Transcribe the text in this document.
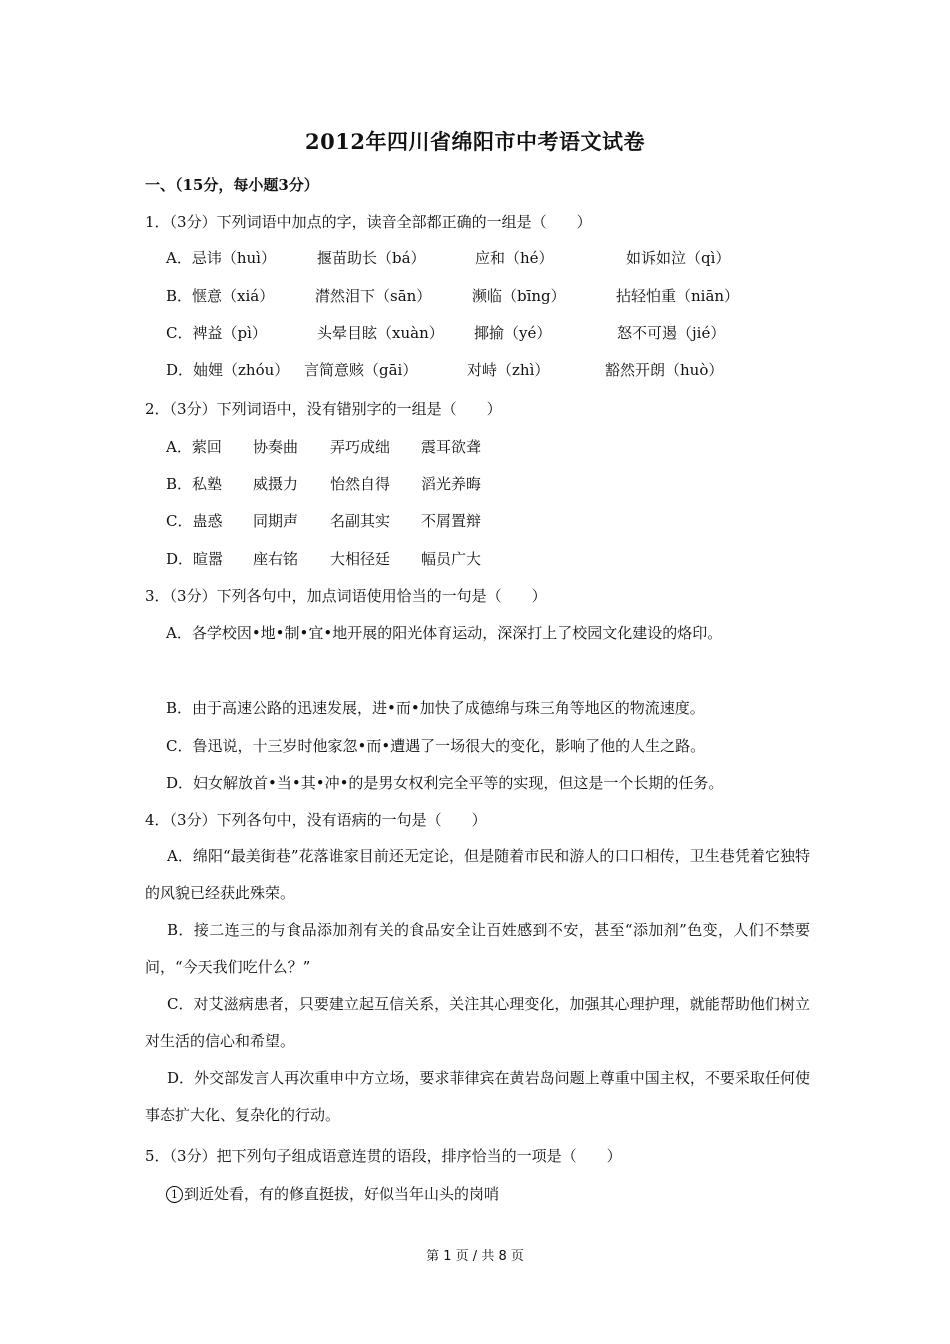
2012年四川省绵阳市中考语文试卷
一、（15分，每小题3分）
1．（3分）下列词语中加点的字，读音全部都正确的一组是（　　）
A．忌讳（huì）	揠苗助长（bá）	应和（hé）	如诉如泣（qì）
B．惬意（xiá）	潸然泪下（sān）	濒临（bīng）	拈轻怕重（niān）
C．裨益（pì）	头晕目眩（xuàn） 揶揄（yé）	怒不可遏（jié）
D．妯娌（zhóu） 言简意赅（gāi）	对峙（zhì）	豁然开朗（huò）
2．（3分）下列词语中，没有错别字的一组是（　　）
A．萦回 协奏曲 弄巧成绌 震耳欲聋
B．私塾 威摄力 怡然自得 滔光养晦
C．蛊惑 同期声 名副其实 不屑置辩
D．暄嚣 座右铭 大相径廷 幅员广大
3．（3分）下列各句中，加点词语使用恰当的一句是（　　）
A．各学校因•地•制•宜•地开展的阳光体育运动，深深打上了校园文化建设的烙印。
B．由于高速公路的迅速发展，进•而•加快了成德绵与珠三角等地区的物流速度。
C．鲁迅说，十三岁时他家忽•而•遭遇了一场很大的变化，影响了他的人生之路。
D．妇女解放首•当•其•冲•的是男女权利完全平等的实现，但这是一个长期的任务。
4．（3分）下列各句中，没有语病的一句是（　　）
A．绵阳“最美街巷”花落谁家目前还无定论，但是随着市民和游人的口口相传，卫生巷凭着它独特的风貌已经获此殊荣。
B．接二连三的与食品添加剂有关的食品安全让百姓感到不安，甚至“添加剂”色变，人们不禁要问，“今天我们吃什么？”
C．对艾滋病患者，只要建立起互信关系，关注其心理变化，加强其心理护理，就能帮助他们树立对生活的信心和希望。
D．外交部发言人再次重申中方立场，要求菲律宾在黄岩岛问题上尊重中国主权，不要采取任何使事态扩大化、复杂化的行动。
5．（3分）把下列句子组成语意连贯的语段，排序恰当的一项是（　　）
1 到近处看，有的修直挺拔，好似当年山头的岗哨
第 1 页 / 共 8 页
